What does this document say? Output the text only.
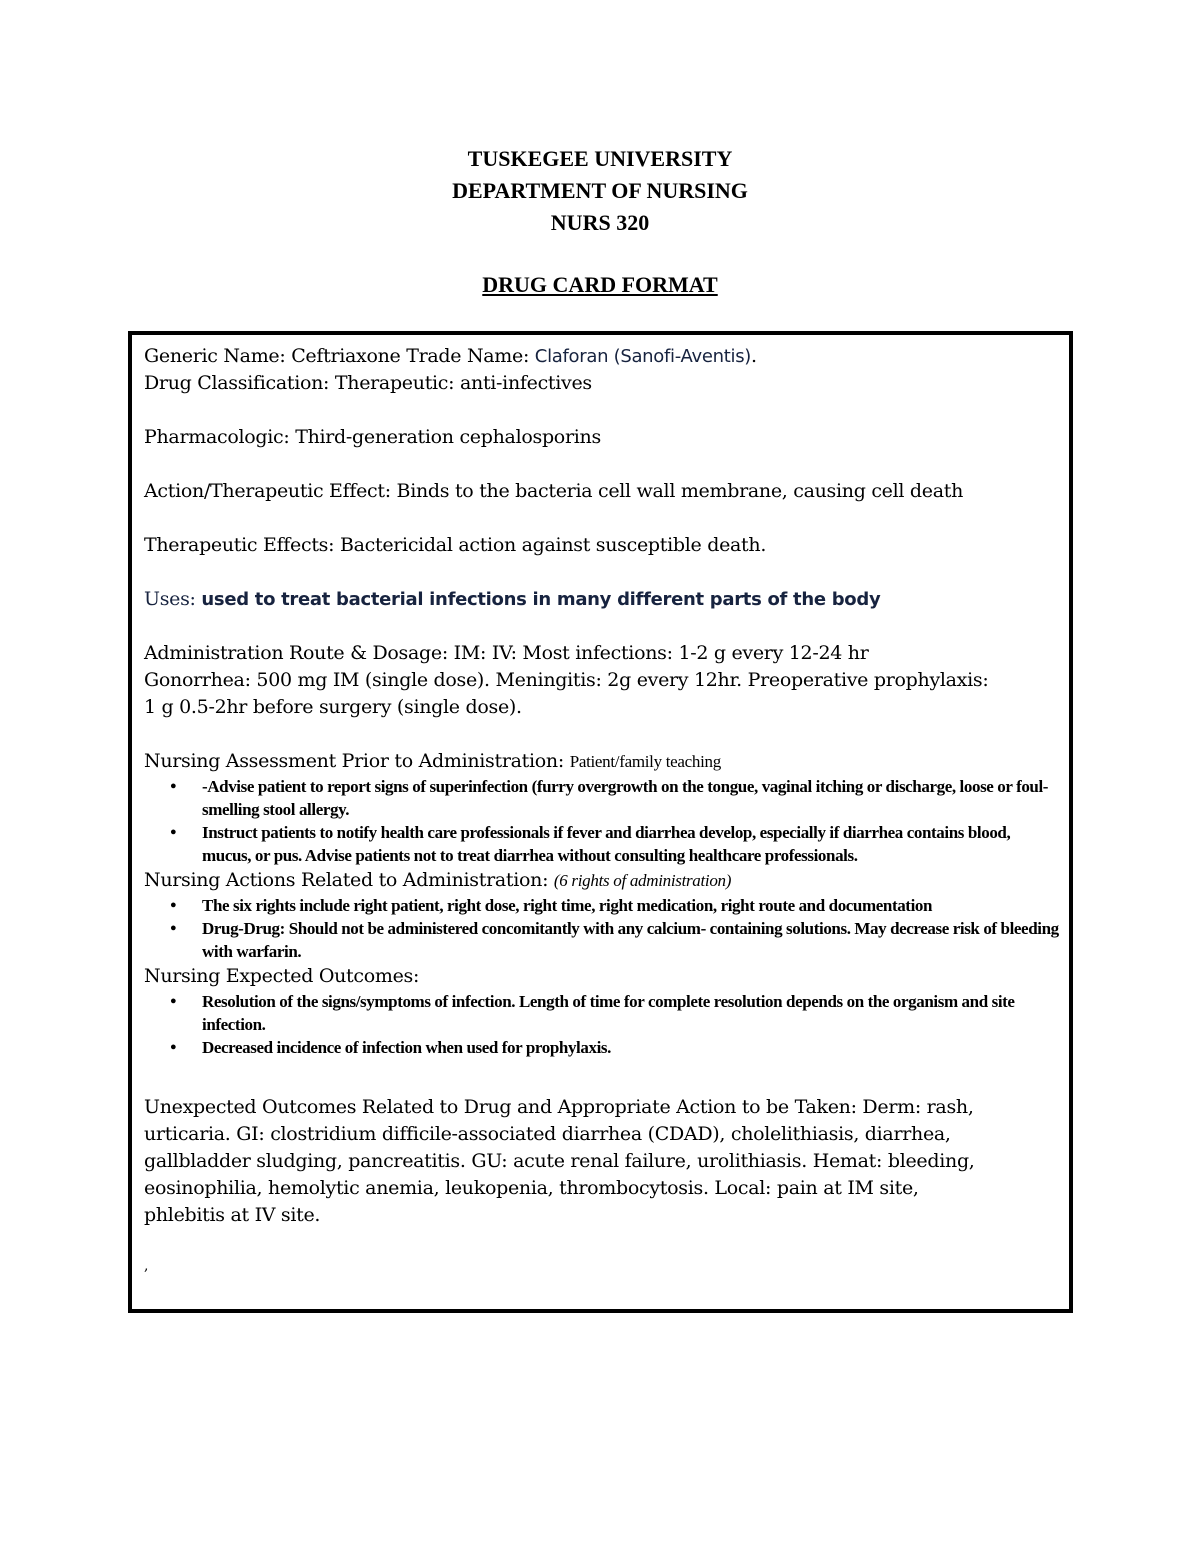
TUSKEGEE UNIVERSITY
DEPARTMENT OF NURSING
NURS 320
DRUG CARD FORMAT
Generic Name: Ceftriaxone Trade Name: Claforan (Sanofi-Aventis).
Drug Classification: Therapeutic: anti-infectives
Pharmacologic: Third-generation cephalosporins
Action/Therapeutic Effect: Binds to the bacteria cell wall membrane, causing cell death
Therapeutic Effects: Bactericidal action against susceptible death.
Uses: used to treat bacterial infections in many different parts of the body
Administration Route & Dosage: IM: IV: Most infections: 1-2 g every 12-24 hr
Gonorrhea: 500 mg IM (single dose). Meningitis: 2g every 12hr. Preoperative prophylaxis:
1 g 0.5-2hr before surgery (single dose).
Nursing Assessment Prior to Administration: Patient/family teaching
● -Advise patient to report signs of superinfection (furry overgrowth on the tongue, vaginal itching or discharge, loose or foul-smelling stool allergy.
● Instruct patients to notify health care professionals if fever and diarrhea develop, especially if diarrhea contains blood, mucus, or pus. Advise patients not to treat diarrhea without consulting healthcare professionals.
Nursing Actions Related to Administration: (6 rights of administration)
● The six rights include right patient, right dose, right time, right medication, right route and documentation
● Drug-Drug: Should not be administered concomitantly with any calcium- containing solutions. May decrease risk of bleeding with warfarin.
Nursing Expected Outcomes:
● Resolution of the signs/symptoms of infection. Length of time for complete resolution depends on the organism and site infection.
● Decreased incidence of infection when used for prophylaxis.
Unexpected Outcomes Related to Drug and Appropriate Action to be Taken: Derm: rash,
urticaria. GI: clostridium difficile-associated diarrhea (CDAD), cholelithiasis, diarrhea,
gallbladder sludging, pancreatitis. GU: acute renal failure, urolithiasis. Hemat: bleeding,
eosinophilia, hemolytic anemia, leukopenia, thrombocytosis. Local: pain at IM site,
phlebitis at IV site.
,
